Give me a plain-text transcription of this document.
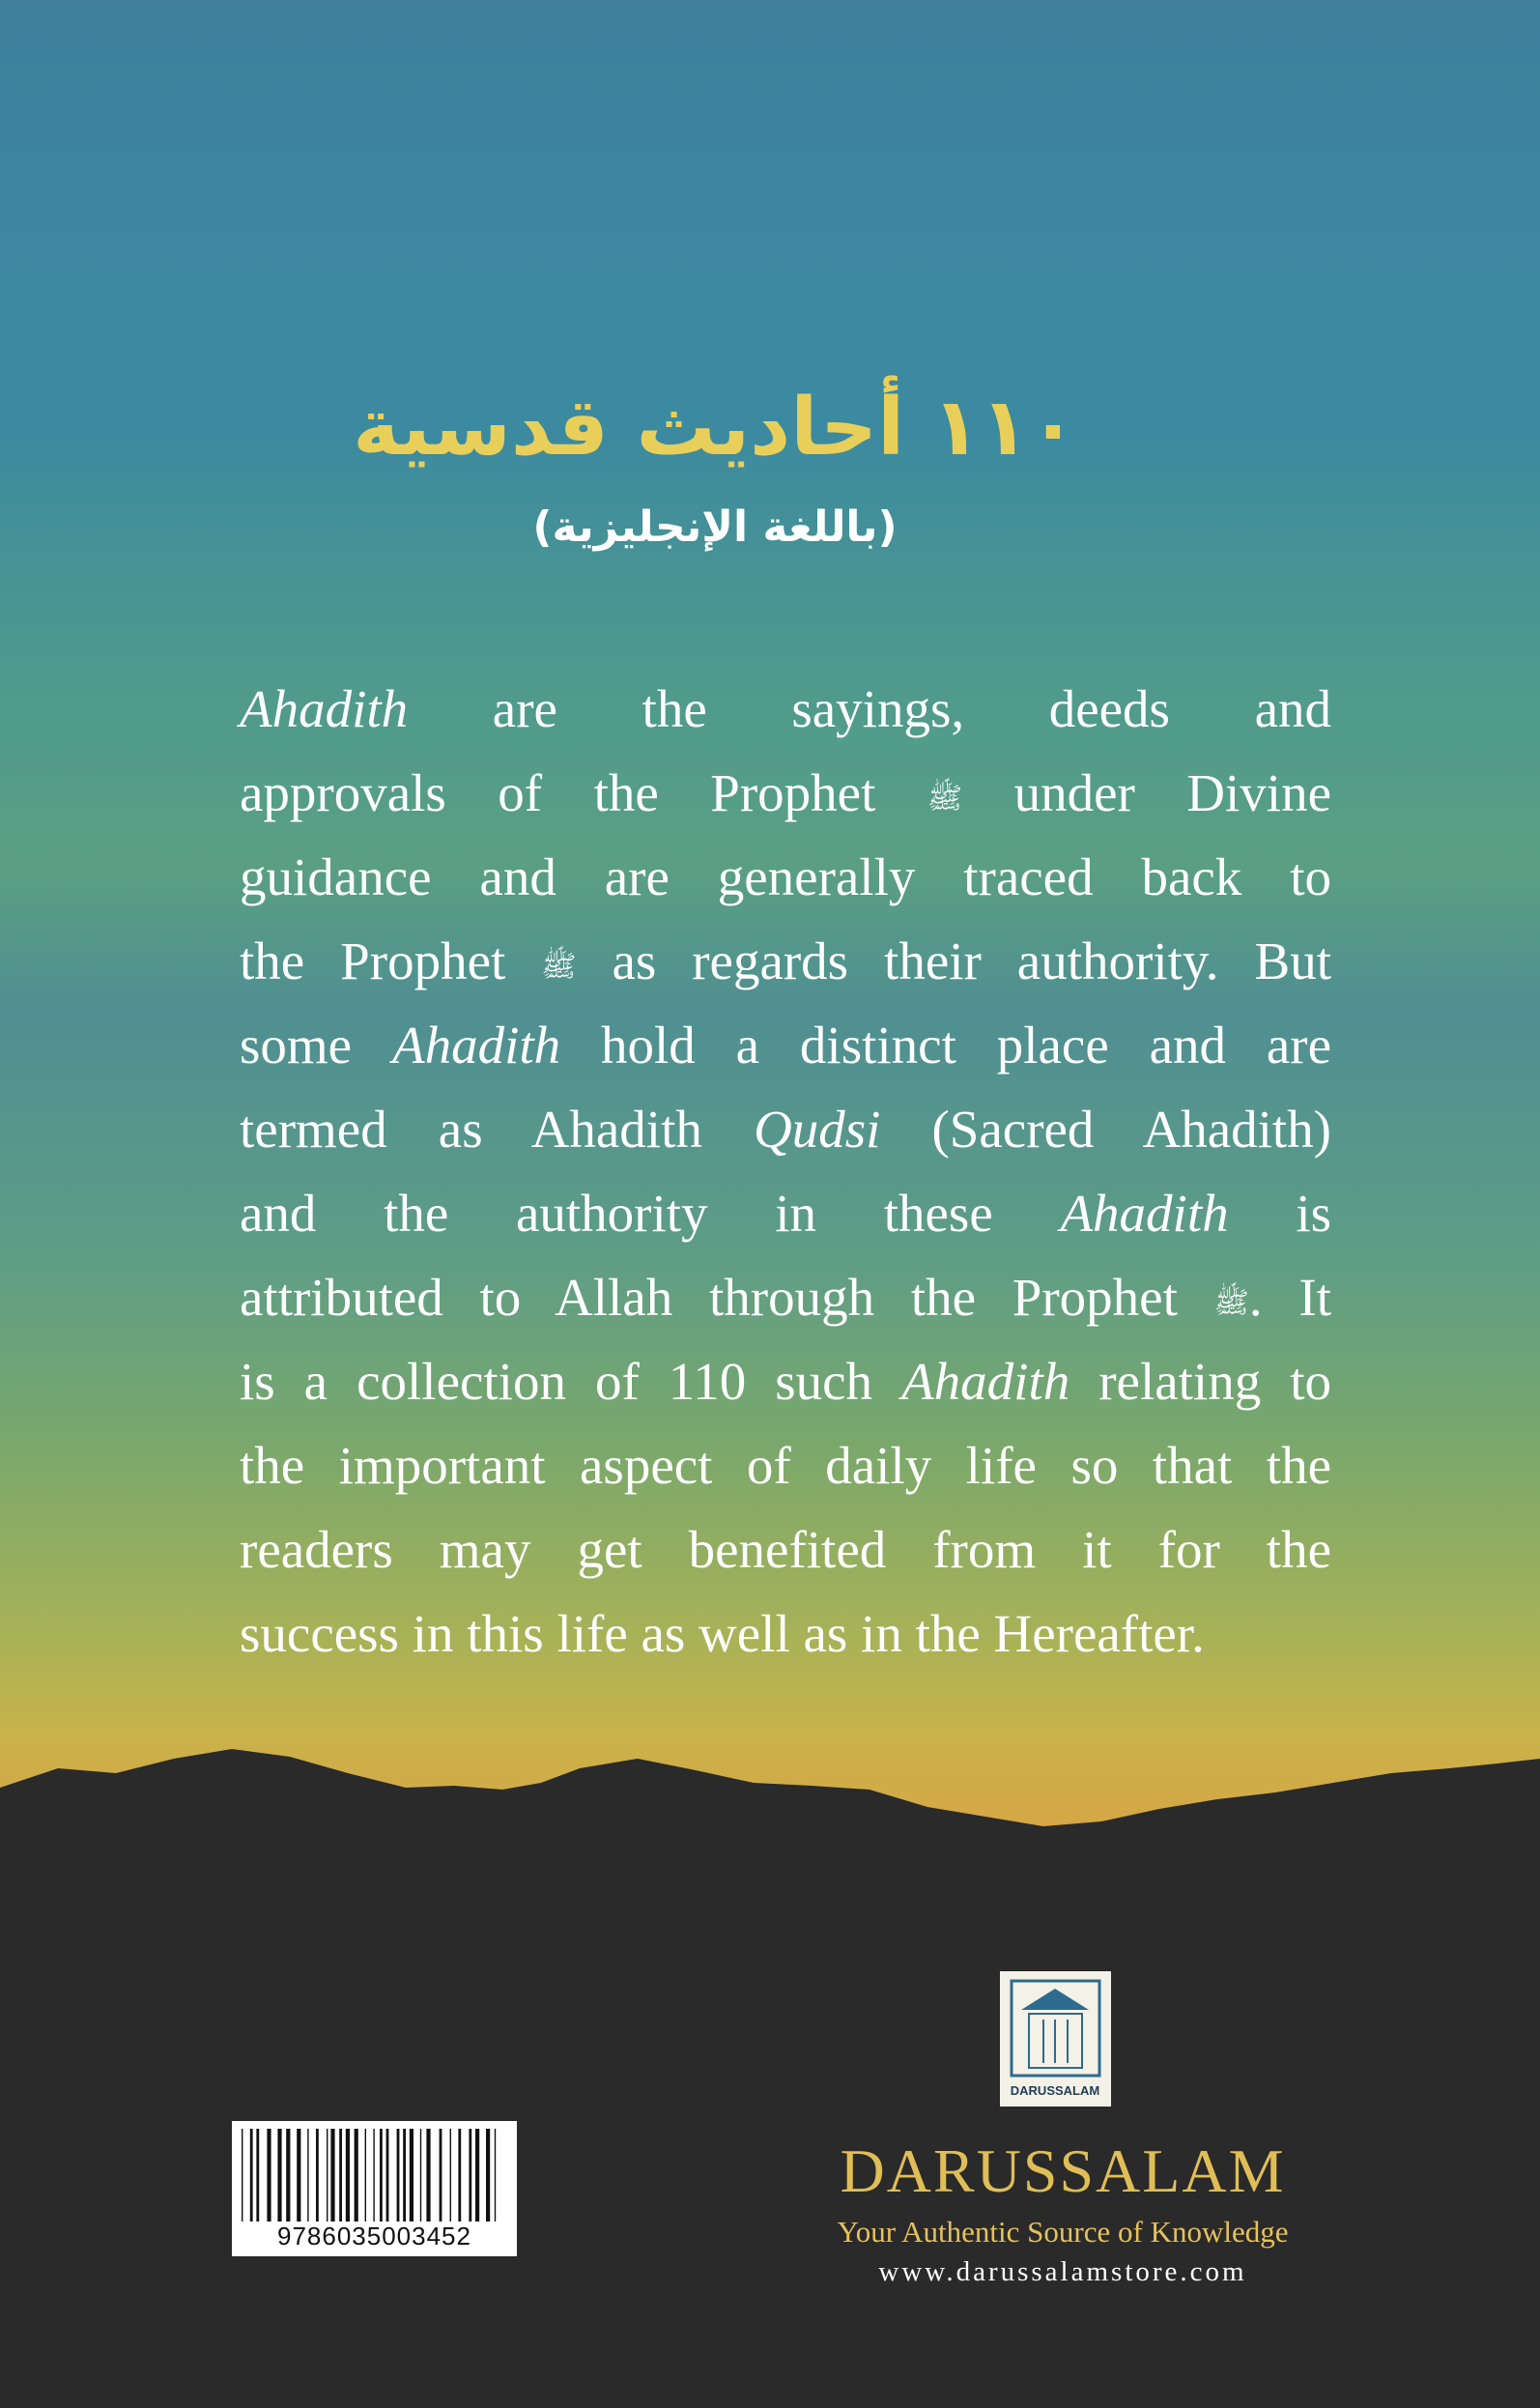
١١٠ أحاديث قدسية
(باللغة الإنجليزية)
Ahadith are the sayings, deeds and
approvals of the Prophet ﷺ under Divine
guidance and are generally traced back to
the Prophet ﷺ as regards their authority. But
some Ahadith hold a distinct place and are
termed as Ahadith Qudsi (Sacred Ahadith)
and the authority in these Ahadith is
attributed to Allah through the Prophet ﷺ. It
is a collection of 110 such Ahadith relating to
the important aspect of daily life so that the
readers may get benefited from it for the
success in this life as well as in the Hereafter.
DARUSSALAM
9786035003452
DARUSSALAM
Your Authentic Source of Knowledge
www.darussalamstore.com
